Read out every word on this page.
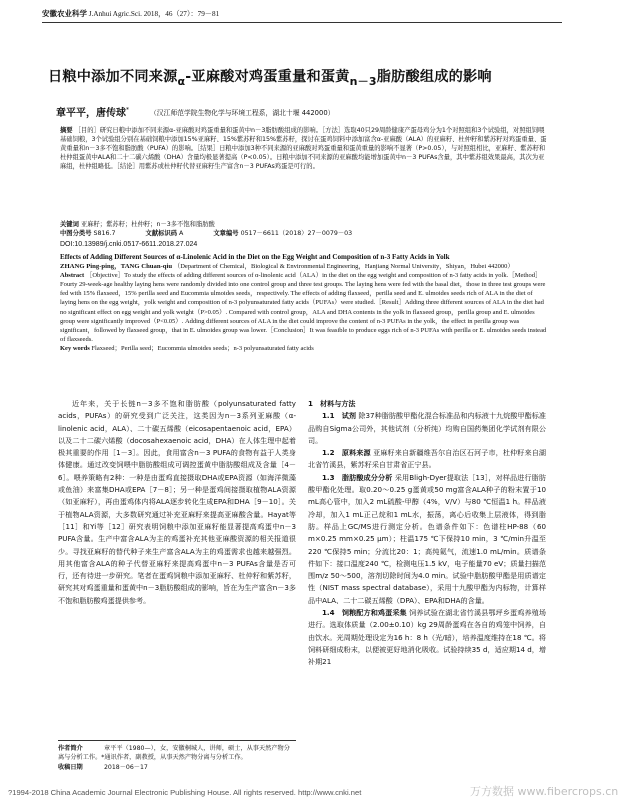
安徽农业科学 J.Anhui Agric.Sci. 2018，46（27）：79－81
日粮中添加不同来源$_\alpha$-亚麻酸对鸡蛋重量和蛋黄$_{n-3}$脂肪酸组成的影响
章平平，唐传球*	（汉江师范学院生物化学与环境工程系，湖北十堰 442000）
摘要 ［目的］研究日粮中添加不同来源α-亚麻酸对鸡蛋重量和蛋黄中n－3脂肪酸组成的影响。［方法］选取40只29周龄健康产蛋母鸡分为1个对照组和3个试验组，对照组饲喂基础饲粮，3个试验组分别在基础饲粮中添加15%亚麻籽、15%紫苏籽和15%紫苏籽，探讨在蛋鸡饲料中添加富含α-亚麻酸（ALA）的亚麻籽、杜仲籽和紫苏籽对鸡蛋重量、蛋黄重量和n－3多不饱和脂肪酸（PUFA）的影响。［结果］日粮中添加3种不同来源的亚麻酸对鸡蛋重量和蛋黄重量的影响不显著（P>0.05），与对照组相比，亚麻籽、紫苏籽和杜仲组蛋黄中ALA和二十二碳六烯酸（DHA）含量均极显著提高（P<0.05）。日粮中添加不同来源的亚麻酸均能增加蛋黄中n－3 PUFAs含量，其中紫苏组效果最高，其次为亚麻组，杜仲组略低。［结论］用紫苏或杜仲籽代替亚麻籽生产富含n－3 PUFAs鸡蛋是可行的。
关键词 亚麻籽；紫苏籽；杜仲籽；n－3多不饱和脂肪酸
中图分类号 S816.7	文献标识码 A	文章编号 0517－6611（2018）27－0079－03
DOI:10.13989/j.cnki.0517-6611.2018.27.024
Effects of Adding Different Sources of α-Linolenic Acid in the Diet on the Egg Weight and Composition of n-3 Fatty Acids in Yolk
ZHANG Ping-ping，TANG Chuan-qiu （Department of Chemical，Biological & Environmental Engineering，Hanjiang Normal University，Shiyan，Hubei 442000）
Abstract ［Objective］To study the effects of adding different sources of α-linolenic acid（ALA）in the diet on the egg weight and composition of n-3 fatty acids in yolk.［Method］Fourty 29-week-age healthy laying hens were randomly divided into one control group and three test groups. The laying hens were fed with the basal diet，those in three test groups were fed with 15% flaxseed，15% perilla seed and Eucommia ulmoides seeds，respectively. The effects of adding flaxseed，perilla seed and E. ulmoides seeds rich of ALA in the diet of laying hens on the egg weight，yolk weight and composition of n-3 polyunsaturated fatty acids（PUFAs）were studied.［Result］Adding three different sources of ALA in the diet had no significant effect on egg weight and yolk weight（P>0.05）. Compared with control group，ALA and DHA contents in the yolk in flaxseed group，perilla group and E. ulmoides group were significantly improved（P<0.05）. Adding different sources of ALA in the diet could improve the content of n-3 PUFAs in the yolk，the effect in perilla group was significant，followed by flaxseed group，that in E. ulmoides group was lower.［Conclusion］It was feasible to produce eggs rich of n-3 PUFAs with perilla or E. ulmoides seeds instead of flaxseeds.
Key words Flaxseed；Perilla seed；Eucommia ulmoides seeds；n-3 polyunsaturated fatty acids
近年来，关于长链n－3多不饱和脂肪酸（polyunsaturated fatty acids，PUFAs）的研究受到广泛关注，这类因为n－3系列亚麻酸（α-linolenic acid，ALA）、二十碳五烯酸（eicosapentaenoic acid，EPA）以及二十二碳六烯酸（docosahexaenoic acid，DHA）在人体生理中起着极其重要的作用［1－3］。因此，食用富含n－3 PUFA的食物有益于人类身体健康。通过改变饲喂中脂肪酸组成可调控蛋黄中脂肪酸组成及含量［4－6］。喂养策略有2种：一种是由蛋鸡直接摄取DHA或EPA资源（如海洋微藻或鱼油）来富集DHA或EPA［7－8］；另一种是蛋鸡间接摄取植物ALA资源（如亚麻籽），再由蛋鸡体内将ALA逐步转化生成EPA和DHA［9－10］。关于植物ALA资源，大多数研究通过补充亚麻籽来提高亚麻酸含量。Hayat等［11］和Yi等［12］研究表明饲粮中添加亚麻籽能显著提高鸡蛋中n－3 PUFA含量。生产中富含ALA为主的鸡蛋补充其他亚麻酸资源的相关报道很少。寻找亚麻籽的替代种子来生产富含ALA为主的鸡蛋需求也越来越强烈。用其他富含ALA的种子代替亚麻籽来提高鸡蛋中n－3 PUFAs含量是否可行，还有待进一步研究。笔者在蛋鸡饲粮中添加亚麻籽、杜仲籽和紫苏籽，研究其对鸡蛋重量和蛋黄中n－3脂肪酸组成的影响，旨在为生产富含n－3多不饱和脂肪酸鸡蛋提供参考。
1　材料与方法

1.1　试剂 除37种脂肪酸甲酯化混合标准品和内标液十九烷酸甲酯标准品购自Sigma公司外，其他试剂（分析纯）均购自国药集团化学试剂有限公司。

1.2　原料来源 亚麻籽来自新疆维吾尔自治区石河子市，杜仲籽来自湖北省竹溪县，紫苏籽采自甘肃省正宁县。

1.3　脂肪酸成分分析 采用Bligh-Dyer提取法［13］，对样品进行脂肪酸甲酯化处理。取0.20～0.25 g蛋黄或50 mg富含ALA种子的粉末置于10 mL高心管中，加入2 mL硫酸-甲醇（4%，V/V）与80 ℃恒温1 h。样品液冷却，加入1 mL正己烷和1 mL水，振荡，离心后收集上层液体，得到脂肪。样品上GC/MS进行测定分析。色谱条件如下：色谱柱HP-88（60 m×0.25 mm×0.25 μm）；柱温175 ℃下保持10 min，3 ℃/min升温至220 ℃保持5 min；分流比20：1；高纯氦气，流速1.0 mL/min。质谱条件如下：接口温度240 ℃，检测电压1.5 kV，电子能量70 eV；质量扫描范围m/z 50～500，溶剂切除时间为4.0 min。试验中脂肪酸甲酯是用质谱定性（NIST mass spectral database），采用十九酸甲酯为内标物，计算样品中ALA、二十二碳五烯酸（DPA）、EPA和DHA的含量。

1.4　饲粮配方和鸡蛋采集 饲养试验在湖北省竹溪县鄂坪乡蛋鸡养殖场进行。选取体质量（2.00±0.10）kg 29周龄蛋鸡在各自的鸡笼中饲养，自由饮水。光周期处理设定为16 h：8 h（光/暗），培养温度维持在18 ℃。将饲料研细成粉末，以便被更好地消化吸收。试验持续35 d，适应期14 d，增补期21

作者简介	章平平（1980—），女，安徽桐城人，讲师，硕士，从事天然产物分离与分析工作。*通讯作者，副教授，从事天然产物分离与分析工作。
收稿日期	2018－06－17
?1994-2018 China Academic Journal Electronic Publishing House. All rights reserved. http://www.cnki.net	万方数据 www.fibercrops.cn
